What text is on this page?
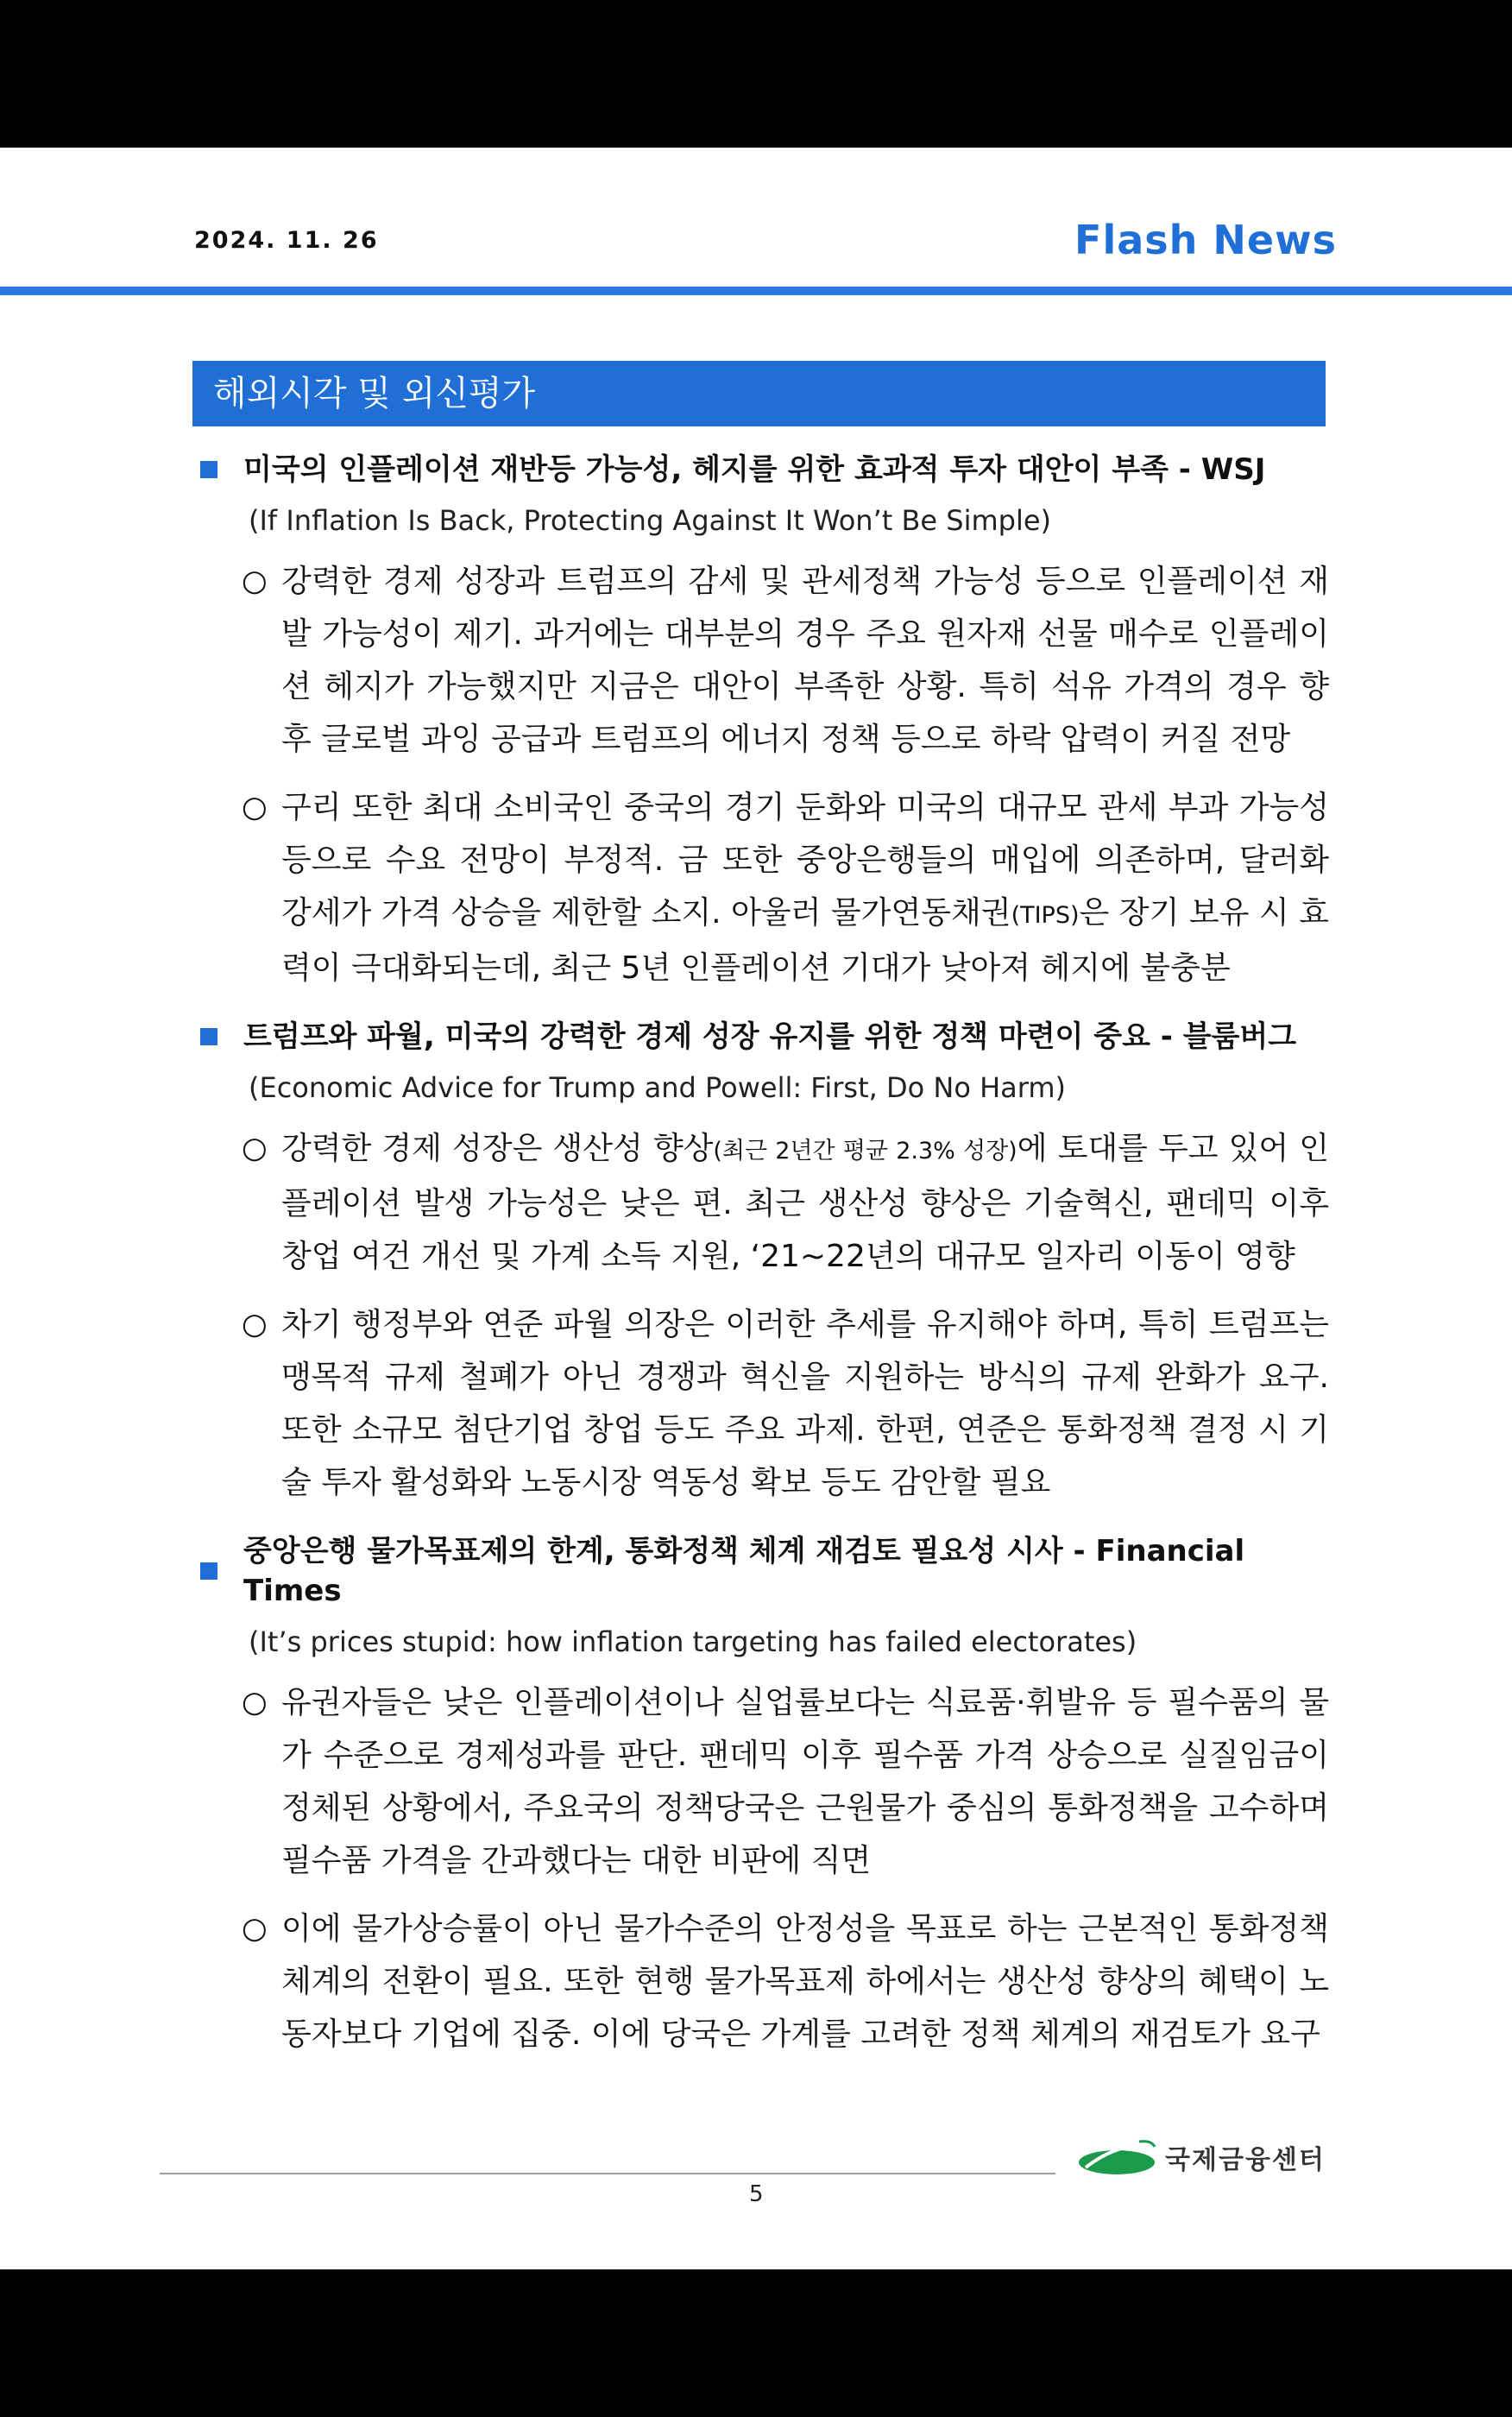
2024. 11. 26	Flash News
해외시각 및 외신평가
미국의 인플레이션 재반등 가능성, 헤지를 위한 효과적 투자 대안이 부족 - WSJ
(If Inflation Is Back, Protecting Against It Won’t Be Simple)
○ 강력한 경제 성장과 트럼프의 감세 및 관세정책 가능성 등으로 인플레이션 재발 가능성이 제기. 과거에는 대부분의 경우 주요 원자재 선물 매수로 인플레이션 헤지가 가능했지만 지금은 대안이 부족한 상황. 특히 석유 가격의 경우 향후 글로벌 과잉 공급과 트럼프의 에너지 정책 등으로 하락 압력이 커질 전망
○ 구리 또한 최대 소비국인 중국의 경기 둔화와 미국의 대규모 관세 부과 가능성 등으로 수요 전망이 부정적. 금 또한 중앙은행들의 매입에 의존하며, 달러화 강세가 가격 상승을 제한할 소지. 아울러 물가연동채권(TIPS)은 장기 보유 시 효력이 극대화되는데, 최근 5년 인플레이션 기대가 낮아져 헤지에 불충분
트럼프와 파월, 미국의 강력한 경제 성장 유지를 위한 정책 마련이 중요 - 블룸버그
(Economic Advice for Trump and Powell: First, Do No Harm)
○ 강력한 경제 성장은 생산성 향상(최근 2년간 평균 2.3% 성장)에 토대를 두고 있어 인플레이션 발생 가능성은 낮은 편. 최근 생산성 향상은 기술혁신, 팬데믹 이후 창업 여건 개선 및 가계 소득 지원, ‘21~22년의 대규모 일자리 이동이 영향
○ 차기 행정부와 연준 파월 의장은 이러한 추세를 유지해야 하며, 특히 트럼프는 맹목적 규제 철폐가 아닌 경쟁과 혁신을 지원하는 방식의 규제 완화가 요구. 또한 소규모 첨단기업 창업 등도 주요 과제. 한편, 연준은 통화정책 결정 시 기술 투자 활성화와 노동시장 역동성 확보 등도 감안할 필요
중앙은행 물가목표제의 한계, 통화정책 체계 재검토 필요성 시사 - Financial Times
(It’s prices stupid: how inflation targeting has failed electorates)
○ 유권자들은 낮은 인플레이션이나 실업률보다는 식료품·휘발유 등 필수품의 물가 수준으로 경제성과를 판단. 팬데믹 이후 필수품 가격 상승으로 실질임금이 정체된 상황에서, 주요국의 정책당국은 근원물가 중심의 통화정책을 고수하며 필수품 가격을 간과했다는 대한 비판에 직면
○ 이에 물가상승률이 아닌 물가수준의 안정성을 목표로 하는 근본적인 통화정책 체계의 전환이 필요. 또한 현행 물가목표제 하에서는 생산성 향상의 혜택이 노동자보다 기업에 집중. 이에 당국은 가계를 고려한 정책 체계의 재검토가 요구
5
국제금융센터
